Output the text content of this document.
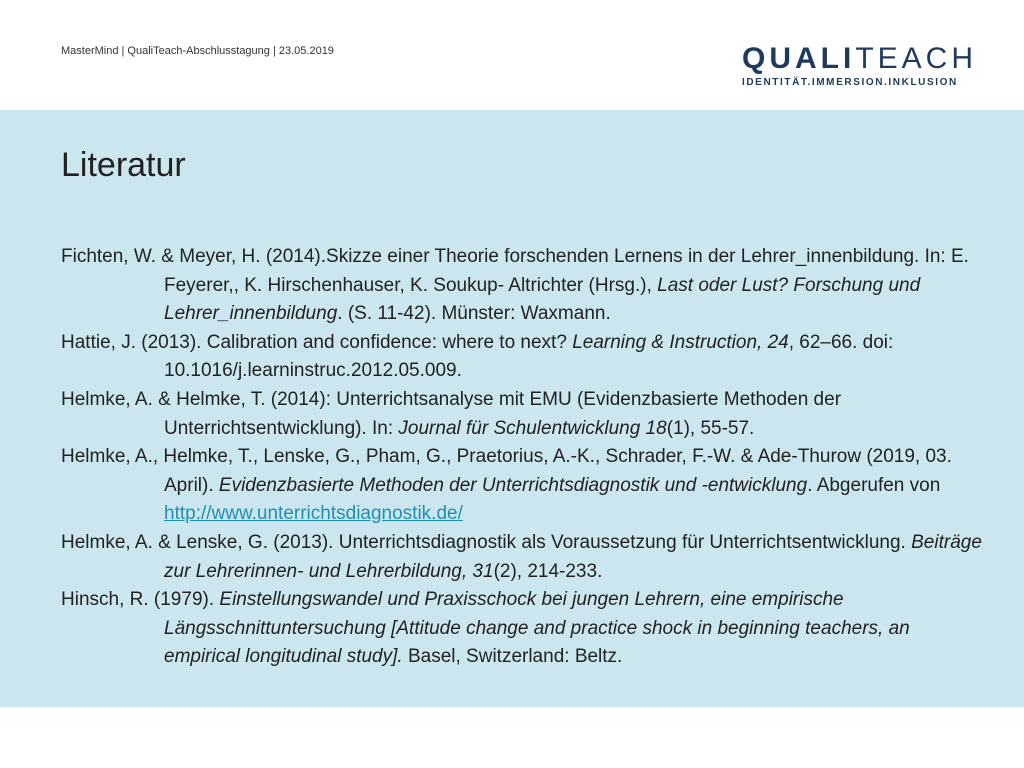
MasterMind | QualiTeach-Abschlusstagung | 23.05.2019	QUALITEACH
IDENTITÄT.IMMERSION.INKLUSION
Literatur
Fichten, W. & Meyer, H. (2014).Skizze einer Theorie forschenden Lernens in der Lehrer_innenbildung. In: E. Feyerer,, K. Hirschenhauser, K. Soukup- Altrichter (Hrsg.), Last oder Lust? Forschung und Lehrer_innenbildung. (S. 11-42). Münster: Waxmann.
Hattie, J. (2013). Calibration and confidence: where to next? Learning & Instruction, 24, 62–66. doi: 10.1016/j.learninstruc.2012.05.009.
Helmke, A. & Helmke, T. (2014): Unterrichtsanalyse mit EMU (Evidenzbasierte Methoden der Unterrichtsentwicklung). In: Journal für Schulentwicklung 18(1), 55-57.
Helmke, A., Helmke, T., Lenske, G., Pham, G., Praetorius, A.-K., Schrader, F.-W. & Ade-Thurow (2019, 03. April). Evidenzbasierte Methoden der Unterrichtsdiagnostik und -entwicklung. Abgerufen von http://www.unterrichtsdiagnostik.de/
Helmke, A. & Lenske, G. (2013). Unterrichtsdiagnostik als Voraussetzung für Unterrichtsentwicklung. Beiträge zur Lehrerinnen- und Lehrerbildung, 31(2), 214-233.
Hinsch, R. (1979). Einstellungswandel und Praxisschock bei jungen Lehrern, eine empirische Längsschnittuntersuchung [Attitude change and practice shock in beginning teachers, an empirical longitudinal study]. Basel, Switzerland: Beltz.
